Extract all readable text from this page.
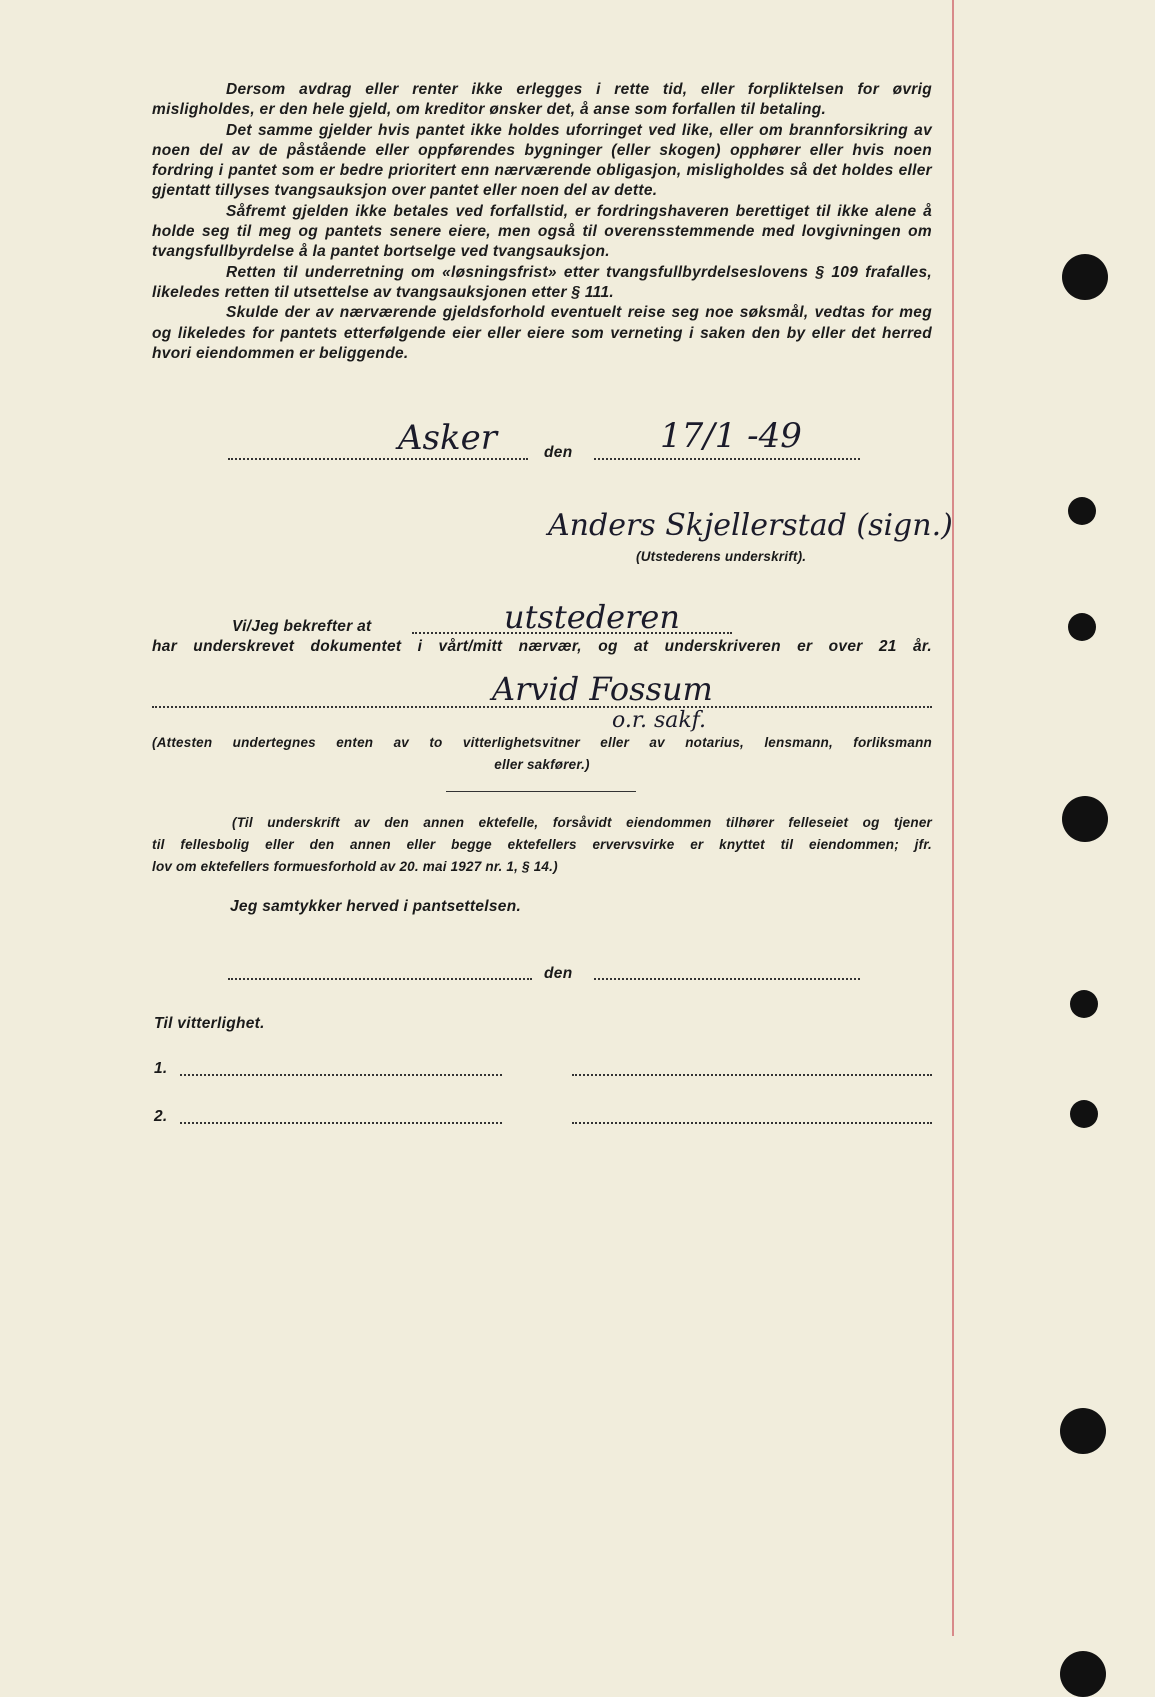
Dersom avdrag eller renter ikke erlegges i rette tid, eller forpliktelsen for øvrig misligholdes, er den hele gjeld, om kreditor ønsker det, å anse som forfallen til betaling.

Det samme gjelder hvis pantet ikke holdes uforringet ved like, eller om brannforsikring av noen del av de påstående eller oppførendes bygninger (eller skogen) opphører eller hvis noen fordring i pantet som er bedre prioritert enn nærværende obligasjon, misligholdes så det holdes eller gjentatt tillyses tvangsauksjon over pantet eller noen del av dette.

Såfremt gjelden ikke betales ved forfallstid, er fordringshaveren berettiget til ikke alene å holde seg til meg og pantets senere eiere, men også til overensstemmende med lovgivningen om tvangsfullbyrdelse å la pantet bortselge ved tvangsauksjon.

Retten til underretning om «løsningsfrist» etter tvangsfullbyrdelseslovens § 109 frafalles, likeledes retten til utsettelse av tvangsauksjonen etter § 111.

Skulde der av nærværende gjeldsforhold eventuelt reise seg noe søksmål, vedtas for meg og likeledes for pantets etterfølgende eier eller eiere som verneting i saken den by eller det herred hvori eiendommen er beliggende.

Asker	den	17/1 -49
Anders Skjellerstad (sign.)
(Utstederens underskrift).
Vi/Jeg bekrefter at	utstederen
har underskrevet dokumentet i vårt/mitt nærvær, og at underskriveren er over 21 år.
Arvid Fossum
o.r. sakf.
(Attesten undertegnes enten av to vitterlighetsvitner eller av notarius, lensmann, forliksmann
eller sakfører.)
(Til underskrift av den annen ektefelle, forsåvidt eiendommen tilhører felleseiet og tjener
til fellesbolig eller den annen eller begge ektefellers ervervsvirke er knyttet til eiendommen; jfr.
lov om ektefellers formuesforhold av 20. mai 1927 nr. 1, § 14.)
Jeg samtykker herved i pantsettelsen.
den
Til vitterlighet.
1.
2.
